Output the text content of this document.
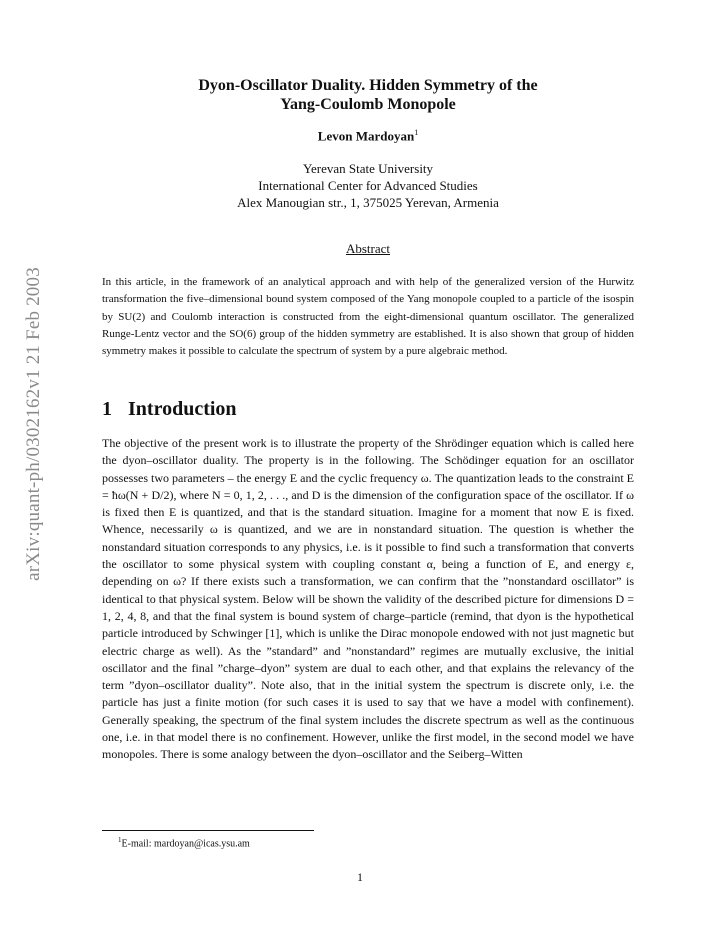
arXiv:quant-ph/0302162v1 21 Feb 2003
Dyon-Oscillator Duality. Hidden Symmetry of the
Yang-Coulomb Monopole
Levon Mardoyan$^1$
Yerevan State University
International Center for Advanced Studies
Alex Manougian str., 1, 375025 Yerevan, Armenia
Abstract
In this article, in the framework of an analytical approach and with help of the generalized version of the Hurwitz transformation the five–dimensional bound system composed of the Yang monopole coupled to a particle of the isospin by SU(2) and Coulomb interaction is constructed from the eight-dimensional quantum oscillator. The generalized Runge-Lentz vector and the SO(6) group of the hidden symmetry are established. It is also shown that group of hidden symmetry makes it possible to calculate the spectrum of system by a pure algebraic method.
1 Introduction
The objective of the present work is to illustrate the property of the Shrödinger equation which is called here the dyon–oscillator duality. The property is in the following. The Schödinger equation for an oscillator possesses two parameters – the energy E and the cyclic frequency ω. The quantization leads to the constraint E = ħω(N + D/2), where N = 0, 1, 2, . . ., and D is the dimension of the configuration space of the oscillator. If ω is fixed then E is quantized, and that is the standard situation. Imagine for a moment that now E is fixed. Whence, necessarily ω is quantized, and we are in nonstandard situation. The question is whether the nonstandard situation corresponds to any physics, i.e. is it possible to find such a transformation that converts the oscillator to some physical system with coupling constant α, being a function of E, and energy ε, depending on ω? If there exists such a transformation, we can confirm that the ”nonstandard oscillator” is identical to that physical system. Below will be shown the validity of the described picture for dimensions D = 1, 2, 4, 8, and that the final system is bound system of charge–particle (remind, that dyon is the hypothetical particle introduced by Schwinger [1], which is unlike the Dirac monopole endowed with not just magnetic but electric charge as well). As the ”standard” and ”nonstandard” regimes are mutually exclusive, the initial oscillator and the final ”charge–dyon” system are dual to each other, and that explains the relevancy of the term ”dyon–oscillator duality”. Note also, that in the initial system the spectrum is discrete only, i.e. the particle has just a finite motion (for such cases it is used to say that we have a model with confinement). Generally speaking, the spectrum of the final system includes the discrete spectrum as well as the continuous one, i.e. in that model there is no confinement. However, unlike the first model, in the second model we have monopoles. There is some analogy between the dyon–oscillator and the Seiberg–Witten
$^1$E-mail: mardoyan@icas.ysu.am
1
